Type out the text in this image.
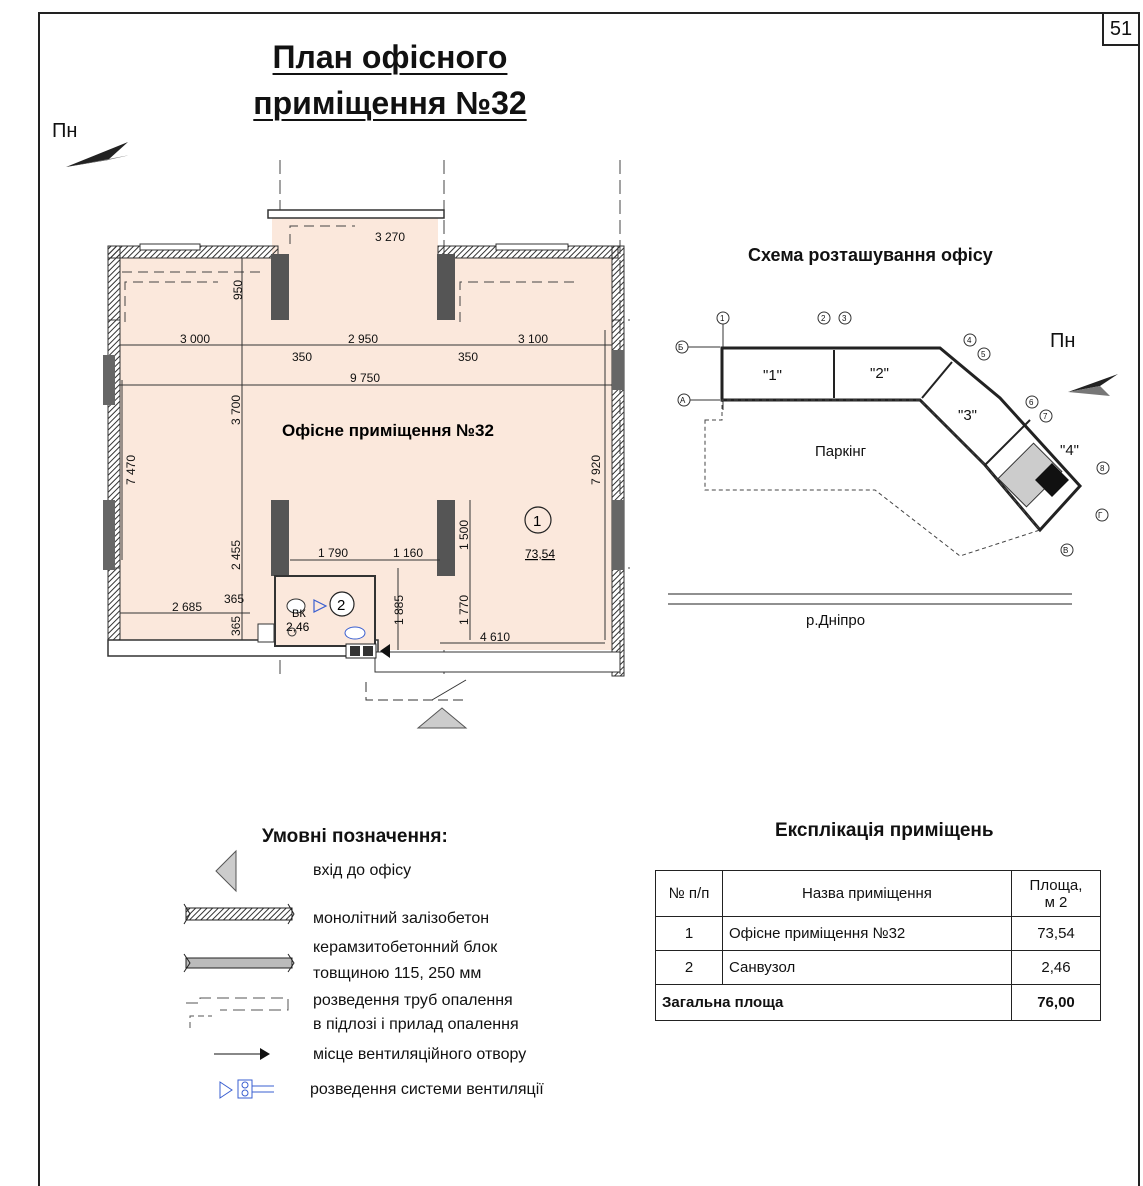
51
План офісного
приміщення №32
Пн
3 270
950
3 000	2 950	3 100
350	350
9 750
3 700
7 470	7 920
1 500
1 790	1 160
2 455
365
2 685
365
1 885	1 770
4 610
Офісне приміщення №32
1
73,54
2
2,46
ВК
Схема розташування офісу
1	2 3
Б
А
4
5
6
7
8
Г
В
"1"	"2"
"3"
"4"
Паркінг
р.Дніпро
Пн
Умовні позначення:
вхід до офісу
монолітний залізобетон
керамзитобетонний блок
товщиною 115, 250 мм
розведення труб опалення
в підлозі і прилад опалення
місце вентиляційного отвору
розведення системи вентиляції
Експлікація приміщень
№ п/п	Назва приміщення	Площа,
м 2
1	Офісне приміщення №32	73,54
2	Санвузол	2,46
Загальна площа		76,00
